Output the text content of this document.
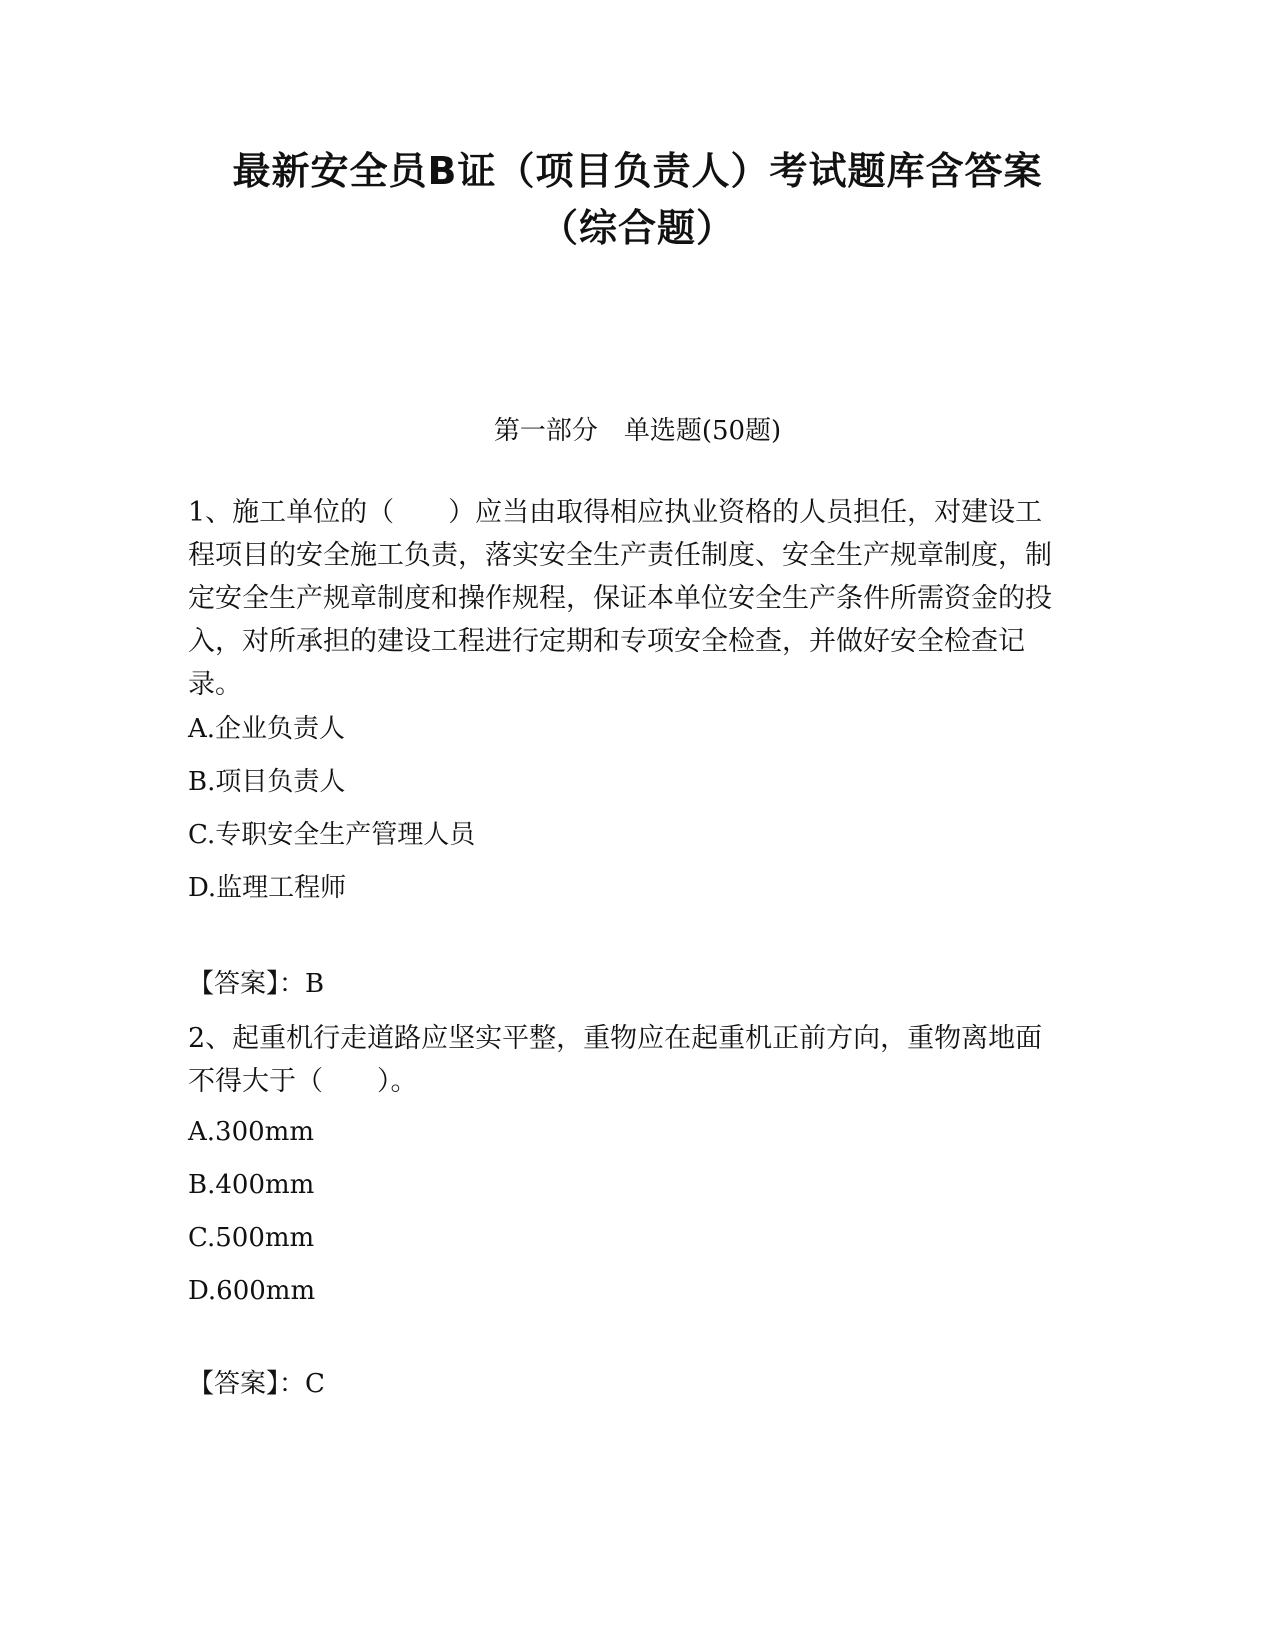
最新安全员B证（项目负责人）考试题库含答案
（综合题）
第一部分　单选题(50题)

1、施工单位的（　　）应当由取得相应执业资格的人员担任，对建设工程项目的安全施工负责，落实安全生产责任制度、安全生产规章制度，制定安全生产规章制度和操作规程，保证本单位安全生产条件所需资金的投入，对所承担的建设工程进行定期和专项安全检查，并做好安全检查记录。

A.企业负责人
B.项目负责人
C.专职安全生产管理人员
D.监理工程师
【答案】：B

2、起重机行走道路应坚实平整，重物应在起重机正前方向，重物离地面不得大于（　　）。

A.300mm
B.400mm
C.500mm
D.600mm
【答案】：C
